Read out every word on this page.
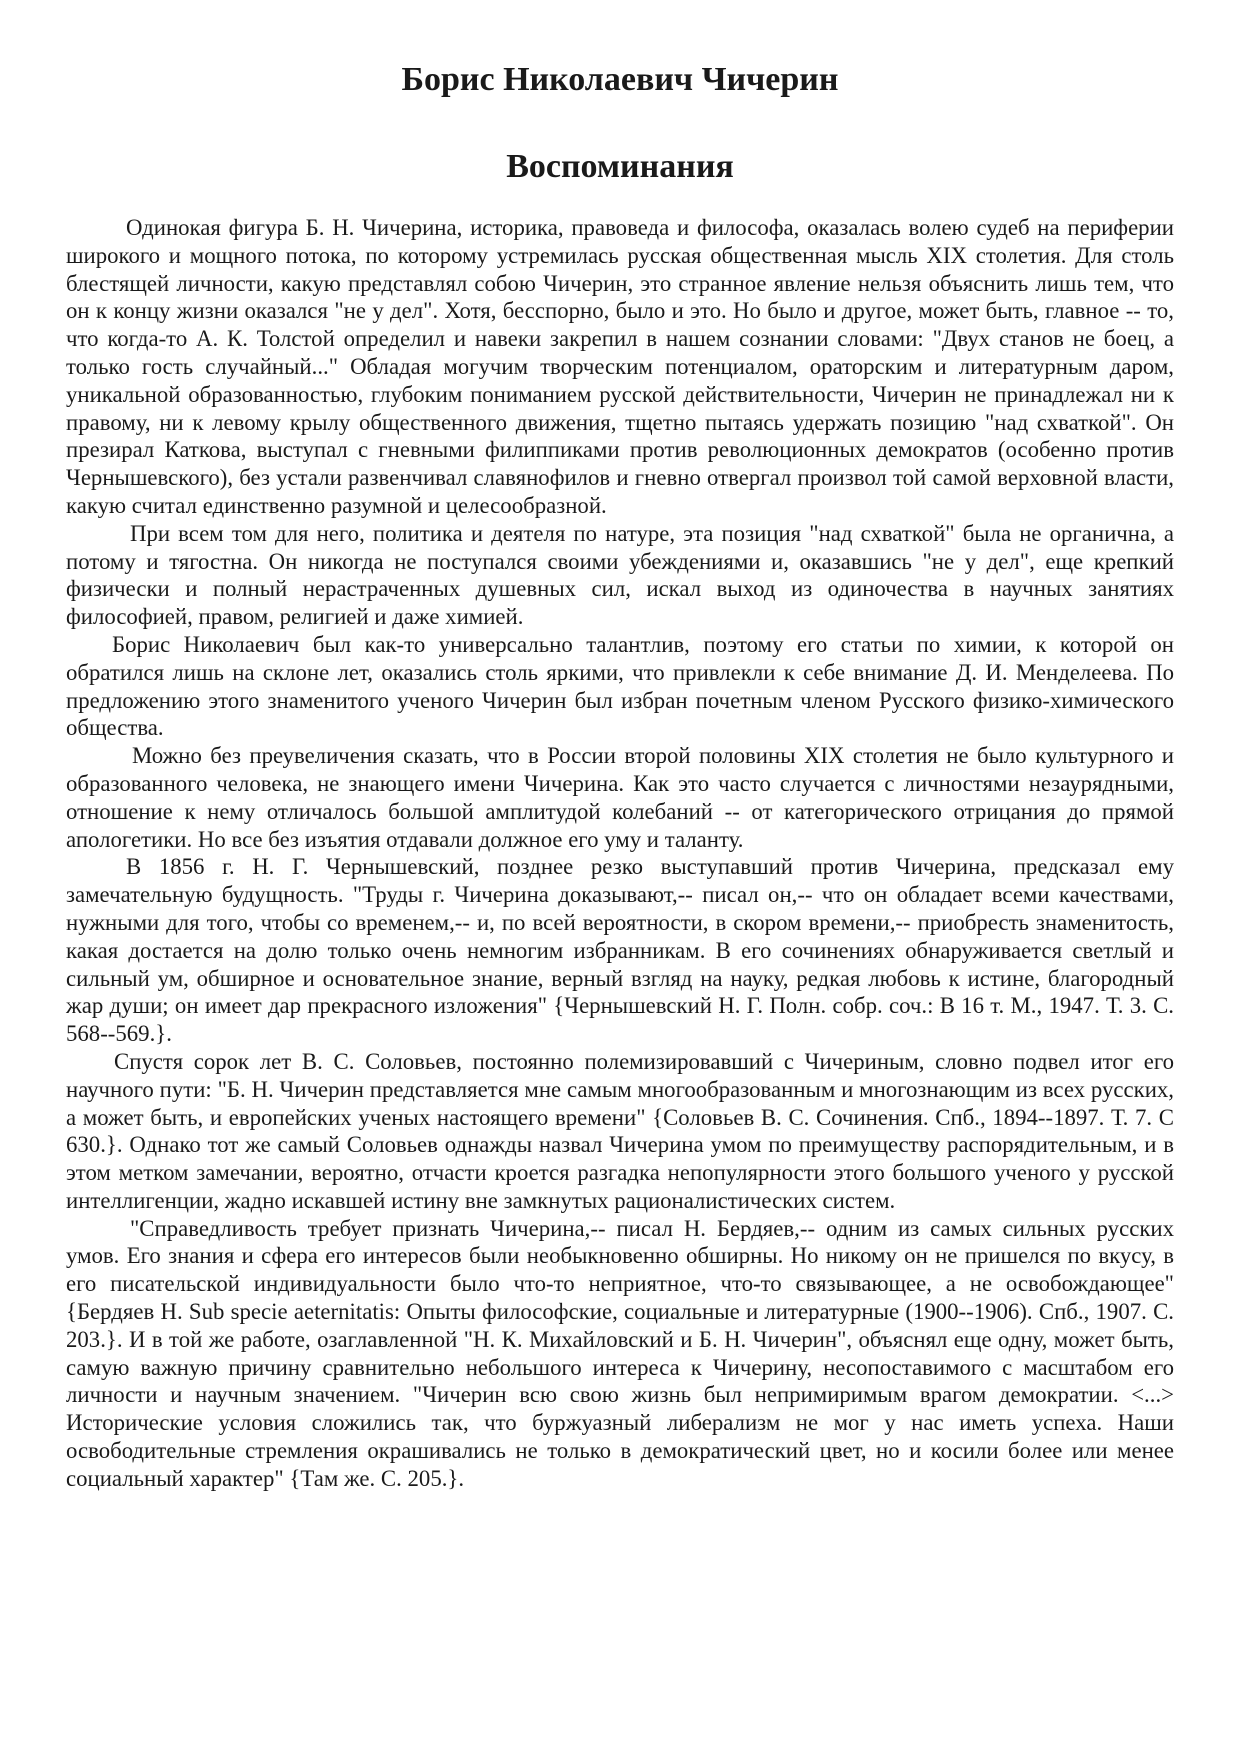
Борис Николаевич Чичерин
Воспоминания

Одинокая фигура Б. Н. Чичерина, историка, правоведа и философа, оказалась волею судеб на периферии широкого и мощного потока, по которому устремилась русская общественная мысль XIX столетия. Для столь блестящей личности, какую представлял собою Чичерин, это странное явление нельзя объяснить лишь тем, что он к концу жизни оказался "не у дел". Хотя, бесспорно, было и это. Но было и другое, может быть, главное -- то, что когда-то А. К. Толстой определил и навеки закрепил в нашем сознании словами: "Двух станов не боец, а только гость случайный..." Обладая могучим творческим потенциалом, ораторским и литературным даром, уникальной образованностью, глубоким пониманием русской действительности, Чичерин не принадлежал ни к правому, ни к левому крылу общественного движения, тщетно пытаясь удержать позицию "над схваткой". Он презирал Каткова, выступал с гневными филиппиками против революционных демократов (особенно против Чернышевского), без устали развенчивал славянофилов и гневно отвергал произвол той самой верховной власти, какую считал единственно разумной и целесообразной.

При всем том для него, политика и деятеля по натуре, эта позиция "над схваткой" была не органична, а потому и тягостна. Он никогда не поступался своими убеждениями и, оказавшись "не у дел", еще крепкий физически и полный нерастраченных душевных сил, искал выход из одиночества в научных занятиях философией, правом, религией и даже химией.

Борис Николаевич был как-то универсально талантлив, поэтому его статьи по химии, к которой он обратился лишь на склоне лет, оказались столь яркими, что привлекли к себе внимание Д. И. Менделеева. По предложению этого знаменитого ученого Чичерин был избран почетным членом Русского физико-химического общества.

Можно без преувеличения сказать, что в России второй половины XIX столетия не было культурного и образованного человека, не знающего имени Чичерина. Как это часто случается с личностями незаурядными, отношение к нему отличалось большой амплитудой колебаний -- от категорического отрицания до прямой апологетики. Но все без изъятия отдавали должное его уму и таланту.

В 1856 г. Н. Г. Чернышевский, позднее резко выступавший против Чичерина, предсказал ему замечательную будущность. "Труды г. Чичерина доказывают,-- писал он,-- что он обладает всеми качествами, нужными для того, чтобы со временем,-- и, по всей вероятности, в скором времени,-- приобресть знаменитость, какая достается на долю только очень немногим избранникам. В его сочинениях обнаруживается светлый и сильный ум, обширное и основательное знание, верный взгляд на науку, редкая любовь к истине, благородный жар души; он имеет дар прекрасного изложения" {Чернышевский Н. Г. Полн. собр. соч.: В 16 т. М., 1947. Т. 3. С. 568--569.}.

Спустя сорок лет В. С. Соловьев, постоянно полемизировавший с Чичериным, словно подвел итог его научного пути: "Б. Н. Чичерин представляется мне самым многообразованным и многознающим из всех русских, а может быть, и европейских ученых настоящего времени" {Соловьев В. С. Сочинения. Спб., 1894--1897. Т. 7. С 630.}. Однако тот же самый Соловьев однажды назвал Чичерина умом по преимуществу распорядительным, и в этом метком замечании, вероятно, отчасти кроется разгадка непопулярности этого большого ученого у русской интеллигенции, жадно искавшей истину вне замкнутых рационалистических систем.

"Справедливость требует признать Чичерина,-- писал Н. Бердяев,-- одним из самых сильных русских умов. Его знания и сфера его интересов были необыкновенно обширны. Но никому он не пришелся по вкусу, в его писательской индивидуальности было что-то неприятное, что-то связывающее, а не освобождающее" {Бердяев Н. Sub specie aeternitatis: Опыты философские, социальные и литературные (1900--1906). Спб., 1907. С. 203.}. И в той же работе, озаглавленной "Н. К. Михайловский и Б. Н. Чичерин", объяснял еще одну, может быть, самую важную причину сравнительно небольшого интереса к Чичерину, несопоставимого с масштабом его личности и научным значением. "Чичерин всю свою жизнь был непримиримым врагом демократии. <...> Исторические условия сложились так, что буржуазный либерализм не мог у нас иметь успеха. Наши освободительные стремления окрашивались не только в демократический цвет, но и косили более или менее социальный характер" {Там же. С. 205.}.
